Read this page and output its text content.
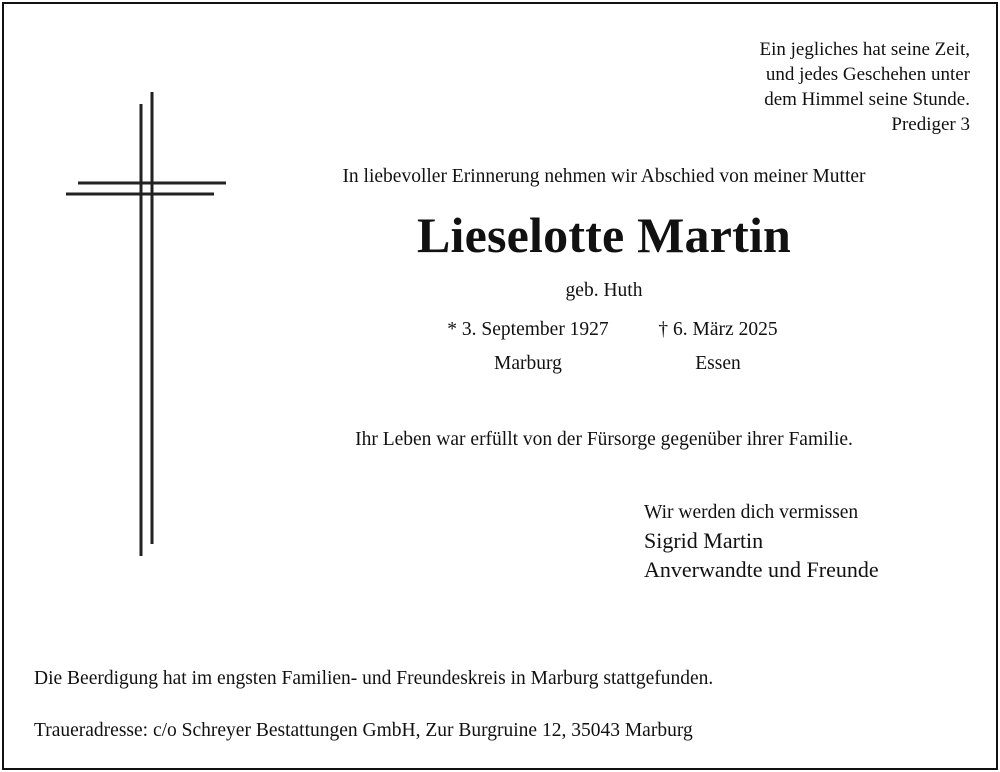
Ein jegliches hat seine Zeit,
und jedes Geschehen unter
dem Himmel seine Stunde.
Prediger 3
In liebevoller Erinnerung nehmen wir Abschied von meiner Mutter
Lieselotte Martin
geb. Huth
* 3. September 1927	† 6. März 2025
Marburg	Essen
Ihr Leben war erfüllt von der Fürsorge gegenüber ihrer Familie.
Wir werden dich vermissen
Sigrid Martin
Anverwandte und Freunde
Die Beerdigung hat im engsten Familien- und Freundeskreis in Marburg stattgefunden.
Traueradresse: c/o Schreyer Bestattungen GmbH, Zur Burgruine 12, 35043 Marburg
